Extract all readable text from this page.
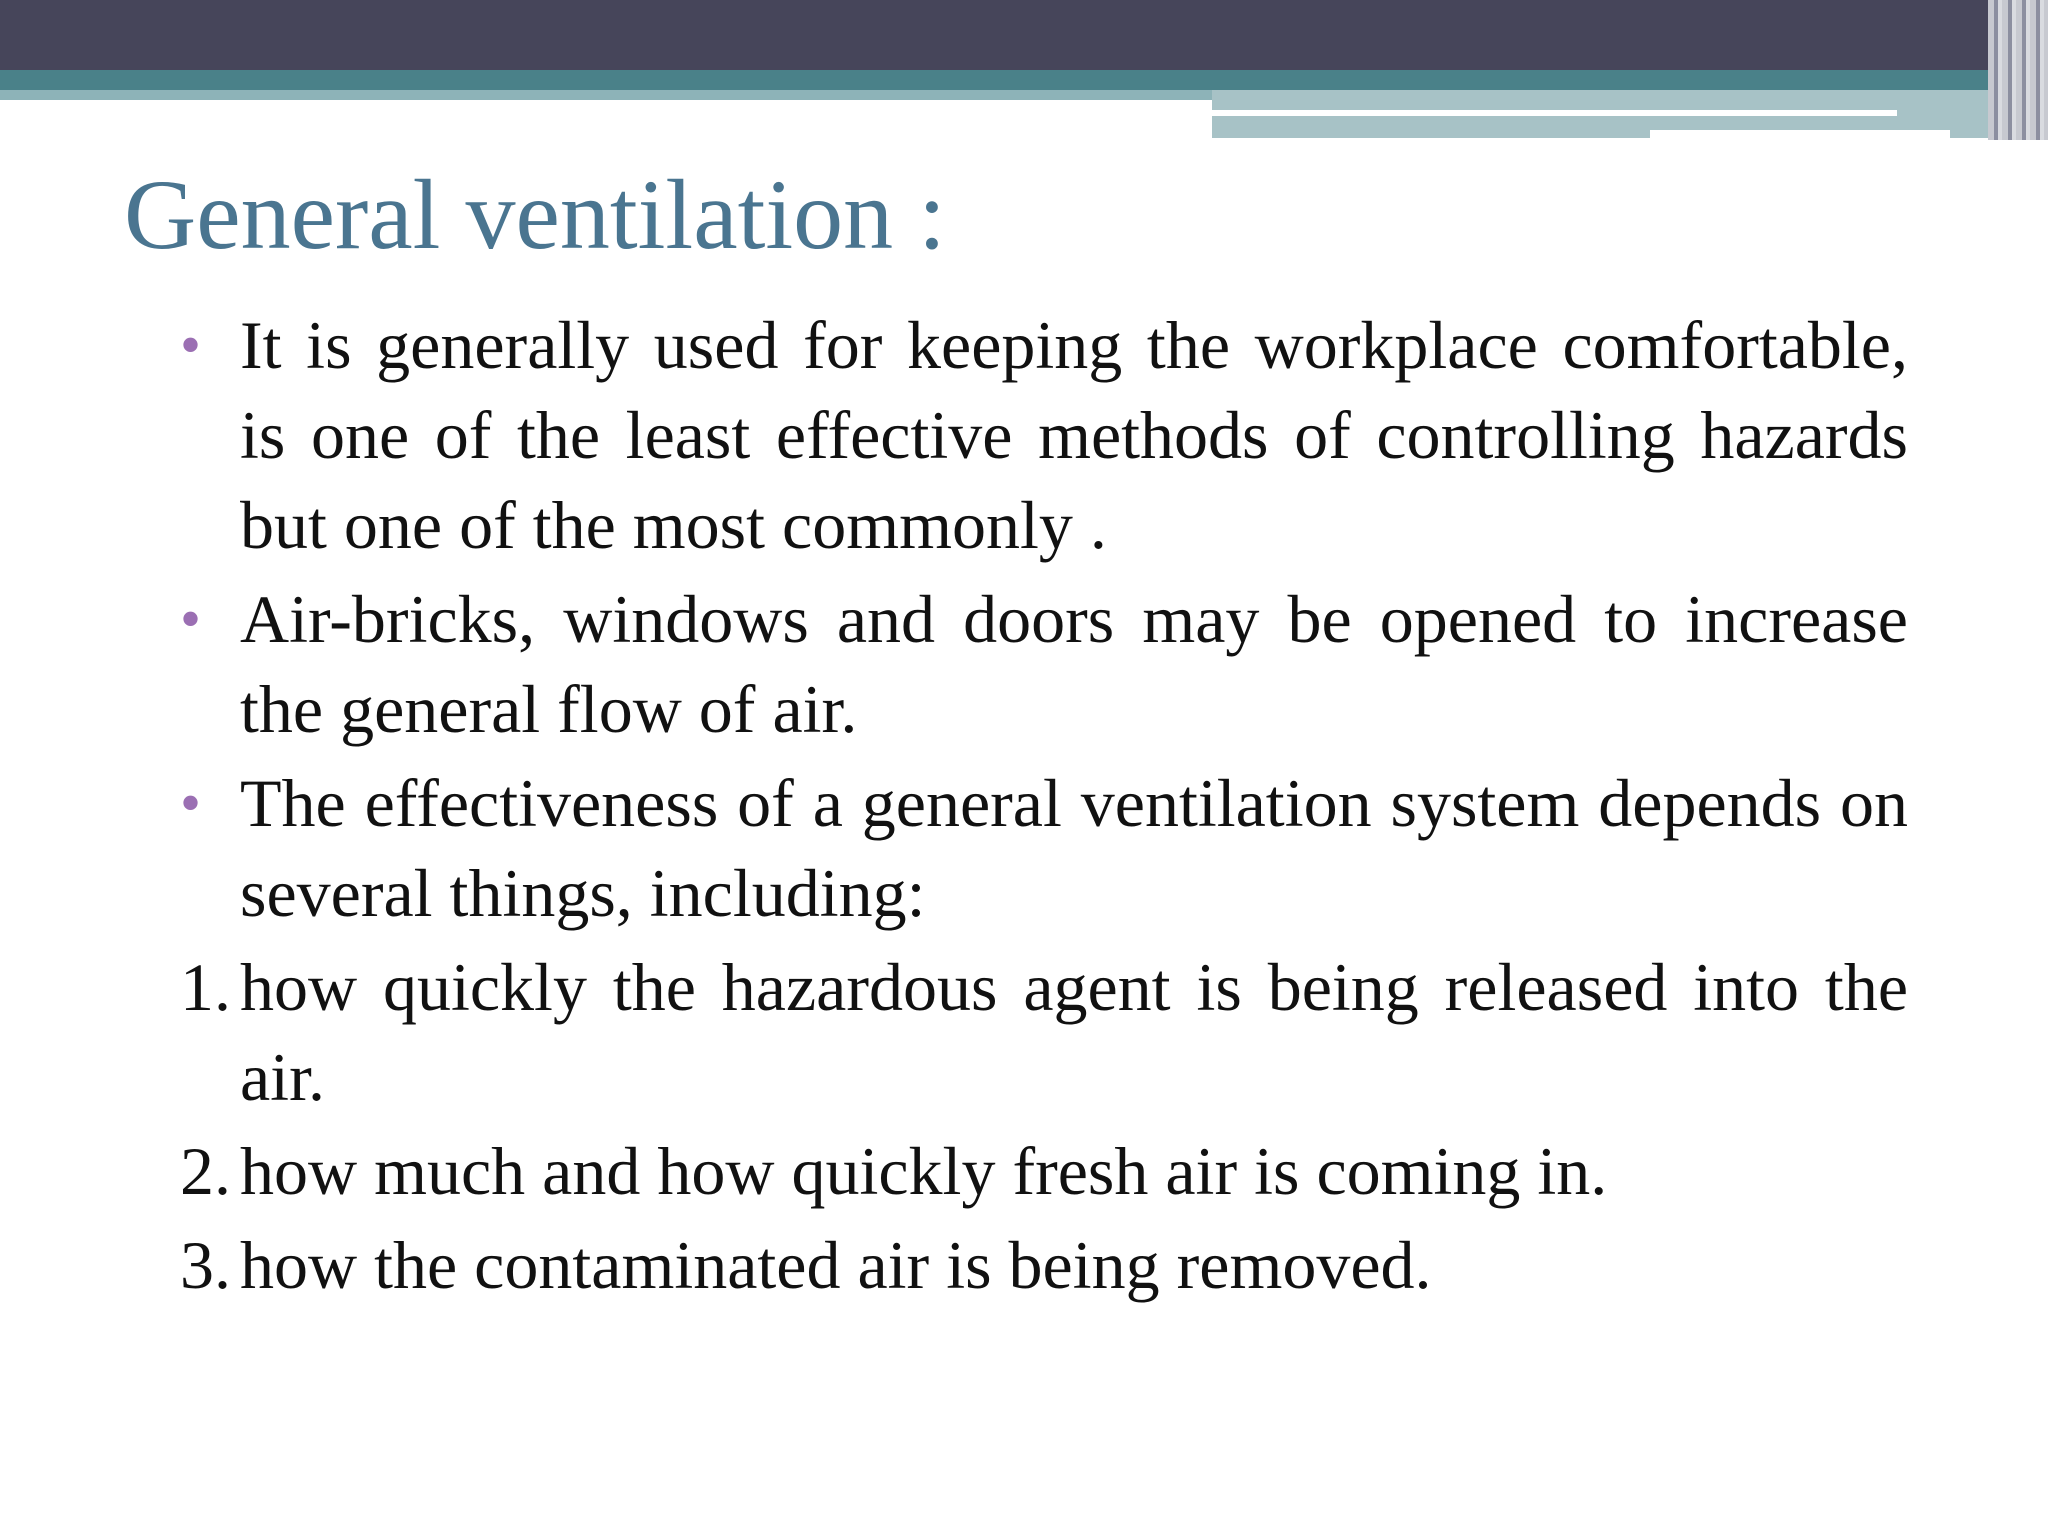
General ventilation :
• It is generally used for keeping the workplace comfortable, is one of the least effective methods of controlling hazards but one of the most commonly .
• Air-bricks, windows and doors may be opened to increase the general flow of air.
• The effectiveness of a general ventilation system depends on several things, including:
1. how quickly the hazardous agent is being released into the air.
2. how much and how quickly fresh air is coming in.
3. how the contaminated air is being removed.
